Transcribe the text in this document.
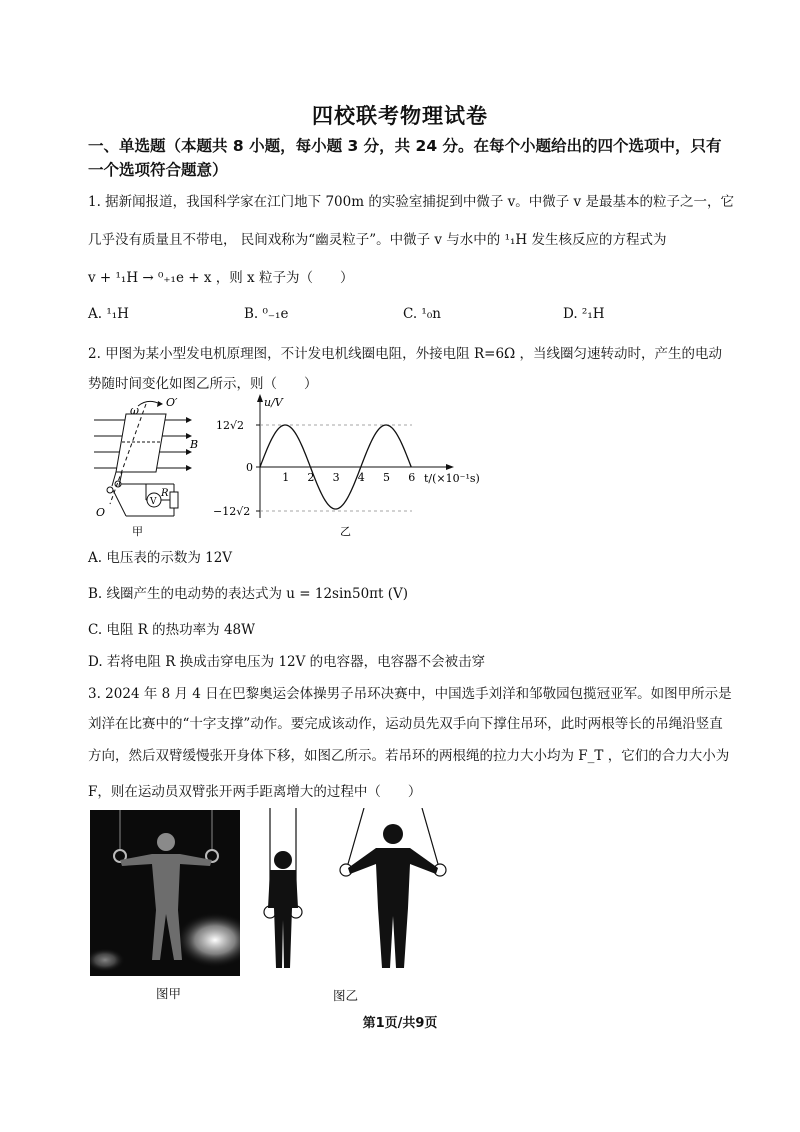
四校联考物理试卷
一、单选题（本题共 8 小题，每小题 3 分，共 24 分。在每个小题给出的四个选项中，只有一个选项符合题意）
1. 据新闻报道，我国科学家在江门地下 700m 的实验室捕捉到中微子 v。中微子 v 是最基本的粒子之一，它
几乎没有质量且不带电， 民间戏称为“幽灵粒子”。中微子 v 与水中的 ¹₁H 发生核反应的方程式为
v + ¹₁H → ⁰₊₁e + x ，则 x 粒子为（　　）
A. ¹₁H	B. ⁰₋₁e	C. ¹₀n	D. ²₁H
2. 甲图为某小型发电机原理图，不计发电机线圈电阻，外接电阻 R=6Ω ，当线圈匀速转动时，产生的电动
势随时间变化如图乙所示，则（　　）
ω
O′
B
O
V
R
甲
1 2 3 4 5 6
12√2
−12√2
0
u/V
t/(×10⁻¹s)
乙
A. 电压表的示数为 12V
B. 线圈产生的电动势的表达式为 u = 12sin50πt (V)
C. 电阻 R 的热功率为 48W
D. 若将电阻 R 换成击穿电压为 12V 的电容器，电容器不会被击穿
3. 2024 年 8 月 4 日在巴黎奥运会体操男子吊环决赛中，中国选手刘洋和邹敬园包揽冠亚军。如图甲所示是
刘洋在比赛中的“十字支撑”动作。要完成该动作，运动员先双手向下撑住吊环，此时两根等长的吊绳沿竖直
方向，然后双臂缓慢张开身体下移，如图乙所示。若吊环的两根绳的拉力大小均为 F_T ，它们的合力大小为
F，则在运动员双臂张开两手距离增大的过程中（　　）
图甲	图乙
第1页/共9页
